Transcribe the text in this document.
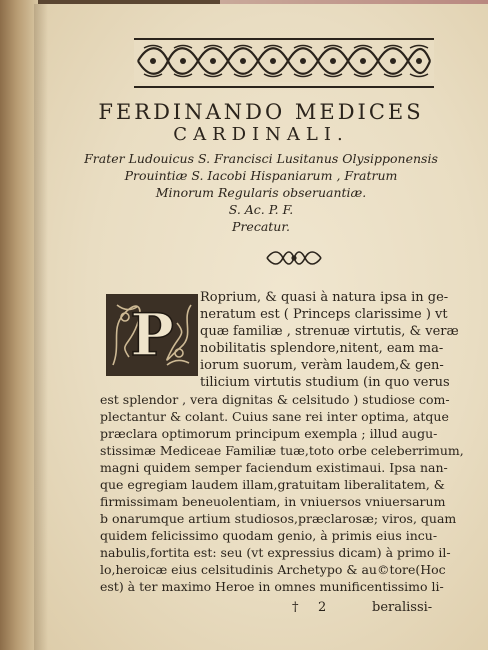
FERDINANDO MEDICES
CARDINALI.
Frater Ludouicus S. Francisci Lusitanus Olysipponensis
Prouintiæ S. Iacobi Hispaniarum , Fratrum
Minorum Regularis obseruantiæ.
S. Ac. P. F.
Precatur.
P
Roprium, & quasi à natura ipsa in ge-
neratum est ( Princeps clarissime ) vt
quæ familiæ , strenuæ virtutis, & veræ
nobilitatis splendore,nitent, eam ma-
iorum suorum, veràm laudem,& gen-
tilicium virtutis studium (in quo verus
est splendor , vera dignitas & celsitudo ) studiose com-
plectantur & colant. Cuius sane rei inter optima, atque
præclara optimorum principum exempla ; illud augu-
stissimæ Mediceae Familiæ tuæ,toto orbe celeberrimum,
magni quidem semper faciendum existimaui. Ipsa nan-
que egregiam laudem illam,gratuitam liberalitatem, &
firmissimam beneuolentiam, in vniuersos vniuersarum
b onarumque artium studiosos,præclarosæ; viros, quam
quidem felicissimo quodam genio, à primis eius incu-
nabulis,fortita est: seu (vt expressius dicam) à primo il-
lo,heroicæ eius celsitudinis Archetypo & au©tore(Hoc
est) à ter maximo Heroe in omnes munificentissimo li-
† 2	beralissi-
